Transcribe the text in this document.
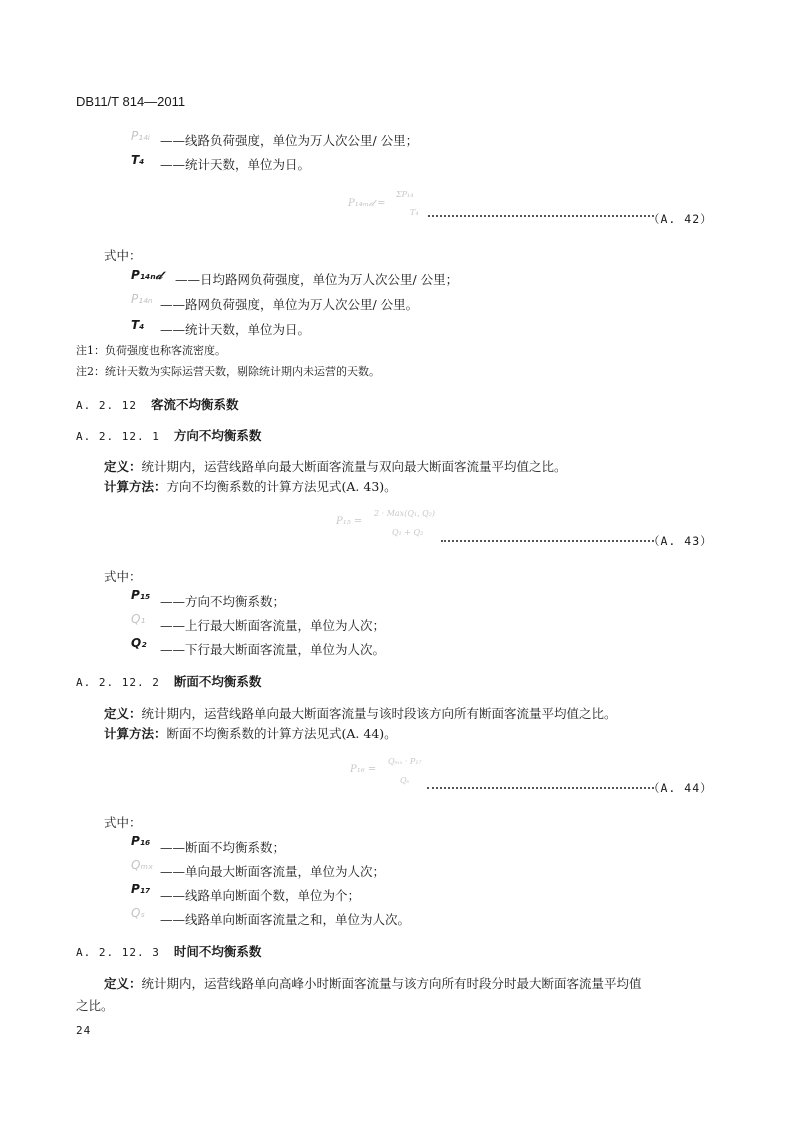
DB11/T 814—2011
P₁₄ᵢ ——线路负荷强度，单位为万人次公里/ 公里；
T₄ ——统计天数，单位为日。
P₁₄ₘ𝒹 =
ΣP₁₄
T₄	（A. 42）
式中：
P₁₄ₙ𝒹 ——日均路网负荷强度，单位为万人次公里/ 公里；
P₁₄ₙ ——路网负荷强度，单位为万人次公里/ 公里。
T₄ ——统计天数，单位为日。
注1：负荷强度也称客流密度。
注2：统计天数为实际运营天数，剔除统计期内未运营的天数。
A. 2. 12 客流不均衡系数
A. 2. 12. 1 方向不均衡系数
定义：统计期内，运营线路单向最大断面客流量与双向最大断面客流量平均值之比。
计算方法：方向不均衡系数的计算方法见式(A. 43)。
P₁₅ =
2 · Max(Q₁, Q₂)
Q₁ + Q₂
（A. 43）
式中：
P₁₅ ——方向不均衡系数；
Q₁ ——上行最大断面客流量，单位为人次；
Q₂ ——下行最大断面客流量，单位为人次。
A. 2. 12. 2 断面不均衡系数
定义：统计期内，运营线路单向最大断面客流量与该时段该方向所有断面客流量平均值之比。
计算方法：断面不均衡系数的计算方法见式(A. 44)。
P₁₆ =
Qₘₓ · P₁₇
Qₛ
（A. 44）
式中：
P₁₆ ——断面不均衡系数；
Qₘₓ ——单向最大断面客流量，单位为人次；
P₁₇ ——线路单向断面个数，单位为个；
Qₛ ——线路单向断面客流量之和，单位为人次。
A. 2. 12. 3 时间不均衡系数
定义：统计期内，运营线路单向高峰小时断面客流量与该方向所有时段分时最大断面客流量平均值
之比。
24
